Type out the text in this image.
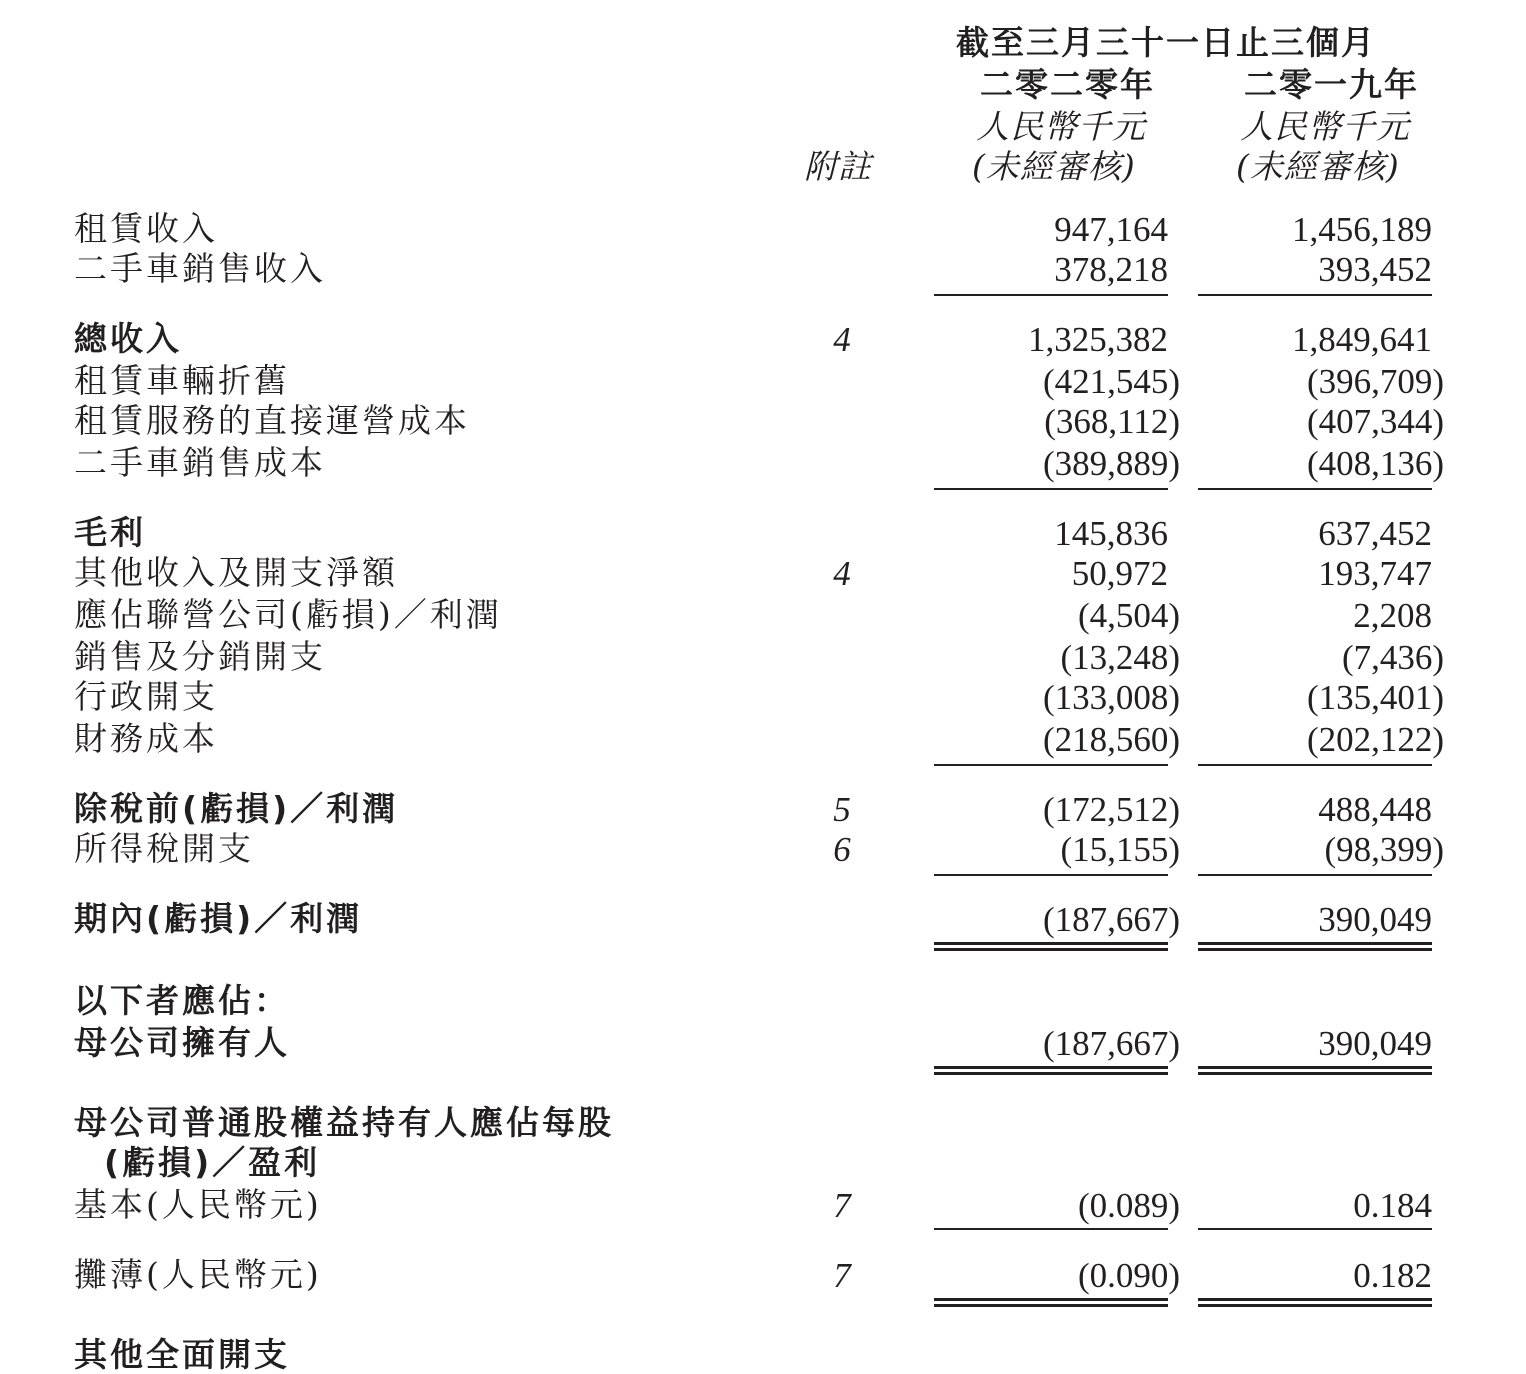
截至三月三十一日止三個月
二零二零年	二零一九年
人民幣千元	人民幣千元
附註	(未經審核)	(未經審核)
租賃收入	947,164	1,456,189
二手車銷售收入	378,218	393,452
總收入	4	1,325,382	1,849,641
租賃車輛折舊	(421,545)	(396,709)
租賃服務的直接運營成本	(368,112)	(407,344)
二手車銷售成本	(389,889)	(408,136)
毛利	145,836	637,452
其他收入及開支淨額	4	50,972	193,747
應佔聯營公司(虧損)／利潤	(4,504)	2,208
銷售及分銷開支	(13,248)	(7,436)
行政開支	(133,008)	(135,401)
財務成本	(218,560)	(202,122)
除稅前(虧損)／利潤	5	(172,512)	488,448
所得稅開支	6	(15,155)	(98,399)
期內(虧損)／利潤	(187,667)	390,049
以下者應佔：
母公司擁有人	(187,667)	390,049
母公司普通股權益持有人應佔每股
(虧損)／盈利
基本(人民幣元)	7	(0.089)	0.184
攤薄(人民幣元)	7	(0.090)	0.182
其他全面開支
